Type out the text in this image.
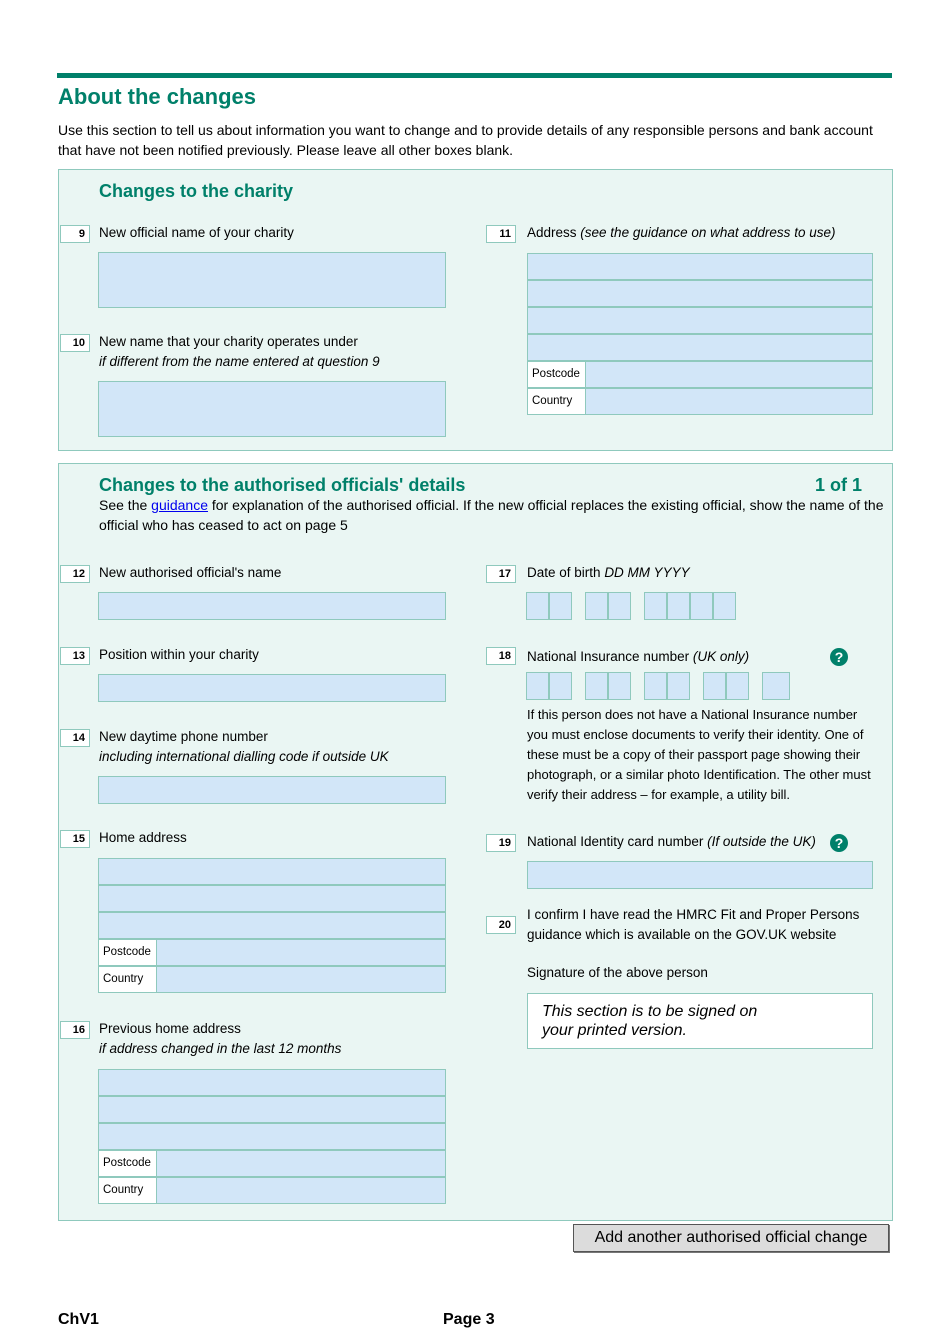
About the changes
Use this section to tell us about information you want to change and to provide details of any responsible persons and bank account that have not been notified previously. Please leave all other boxes blank.
Changes to the charity
9	New official name of your charity
10	New name that your charity operates under
if different from the name entered at question 9
11	Address (see the guidance on what address to use)
Postcode
Country
Changes to the authorised officials' details	1 of 1
See the guidance for explanation of the authorised official. If the new official replaces the existing official, show the name of the official who has ceased to act on page 5
12	New authorised official's name
13	Position within your charity
14	New daytime phone number
including international dialling code if outside UK
15	Home address
Postcode
Country
16	Previous home address
if address changed in the last 12 months
Postcode
Country
17	Date of birth DD MM YYYY
18	National Insurance number (UK only)	?
If this person does not have a National Insurance number you must enclose documents to verify their identity. One of these must be a copy of their passport page showing their photograph, or a similar photo Identification. The other must verify their address – for example, a utility bill.
19	National Identity card number (If outside the UK)	?
20
I confirm I have read the HMRC Fit and Proper Persons guidance which is available on the GOV.UK website
Signature of the above person
This section is to be signed on your printed version.
Add another authorised official change
ChV1	Page 3
